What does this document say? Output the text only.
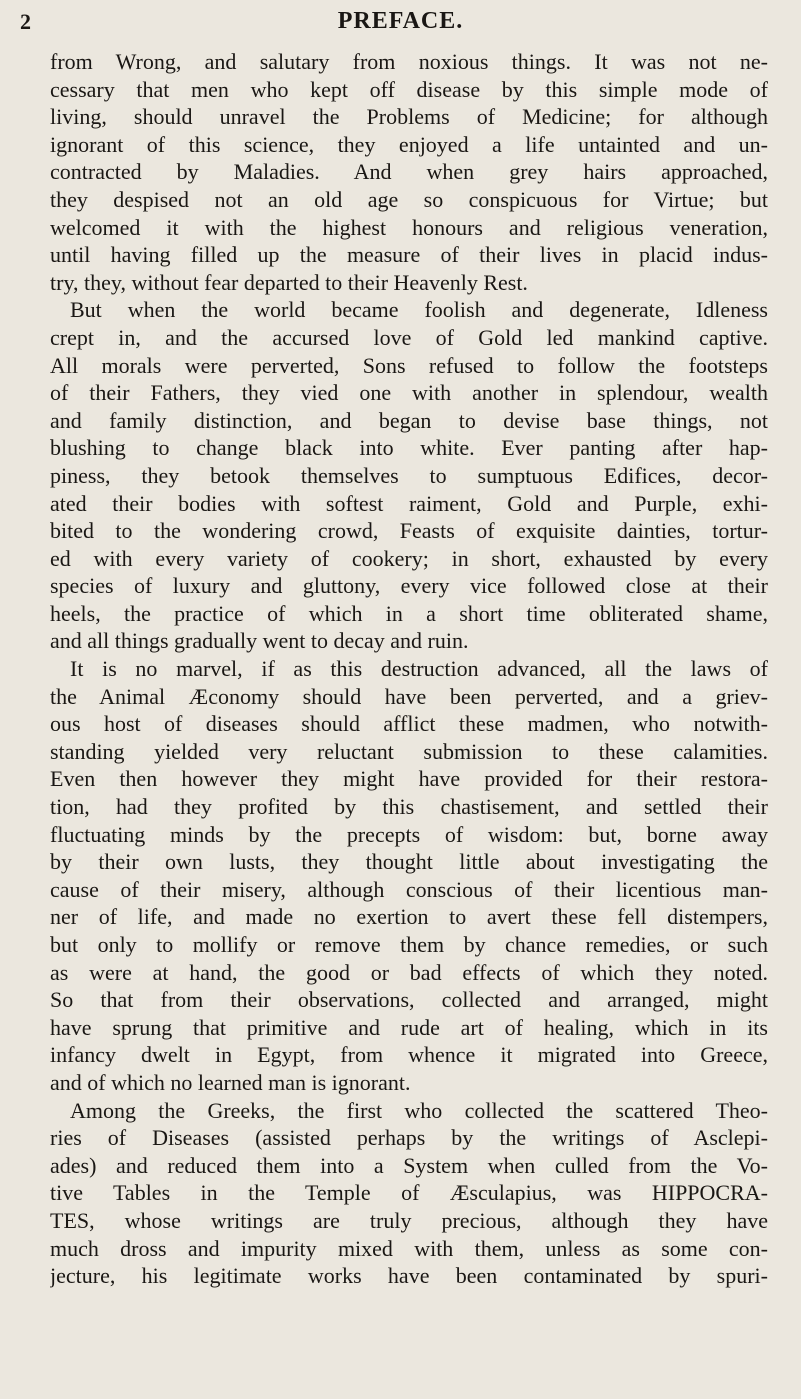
2	PREFACE.
from Wrong, and salutary from noxious things. It was not ne-
cessary that men who kept off disease by this simple mode of
living, should unravel the Problems of Medicine; for although
ignorant of this science, they enjoyed a life untainted and un-
contracted by Maladies. And when grey hairs approached,
they despised not an old age so conspicuous for Virtue; but
welcomed it with the highest honours and religious veneration,
until having filled up the measure of their lives in placid indus-
try, they, without fear departed to their Heavenly Rest.
But when the world became foolish and degenerate, Idleness
crept in, and the accursed love of Gold led mankind captive.
All morals were perverted, Sons refused to follow the footsteps
of their Fathers, they vied one with another in splendour, wealth
and family distinction, and began to devise base things, not
blushing to change black into white. Ever panting after hap-
piness, they betook themselves to sumptuous Edifices, decor-
ated their bodies with softest raiment, Gold and Purple, exhi-
bited to the wondering crowd, Feasts of exquisite dainties, tortur-
ed with every variety of cookery; in short, exhausted by every
species of luxury and gluttony, every vice followed close at their
heels, the practice of which in a short time obliterated shame,
and all things gradually went to decay and ruin.
It is no marvel, if as this destruction advanced, all the laws of
the Animal Æconomy should have been perverted, and a griev-
ous host of diseases should afflict these madmen, who notwith-
standing yielded very reluctant submission to these calamities.
Even then however they might have provided for their restora-
tion, had they profited by this chastisement, and settled their
fluctuating minds by the precepts of wisdom: but, borne away
by their own lusts, they thought little about investigating the
cause of their misery, although conscious of their licentious man-
ner of life, and made no exertion to avert these fell distempers,
but only to mollify or remove them by chance remedies, or such
as were at hand, the good or bad effects of which they noted.
So that from their observations, collected and arranged, might
have sprung that primitive and rude art of healing, which in its
infancy dwelt in Egypt, from whence it migrated into Greece,
and of which no learned man is ignorant.
Among the Greeks, the first who collected the scattered Theo-
ries of Diseases (assisted perhaps by the writings of Asclepi-
ades) and reduced them into a System when culled from the Vo-
tive Tables in the Temple of Æsculapius, was HIPPOCRA-
TES, whose writings are truly precious, although they have
much dross and impurity mixed with them, unless as some con-
jecture, his legitimate works have been contaminated by spuri-
